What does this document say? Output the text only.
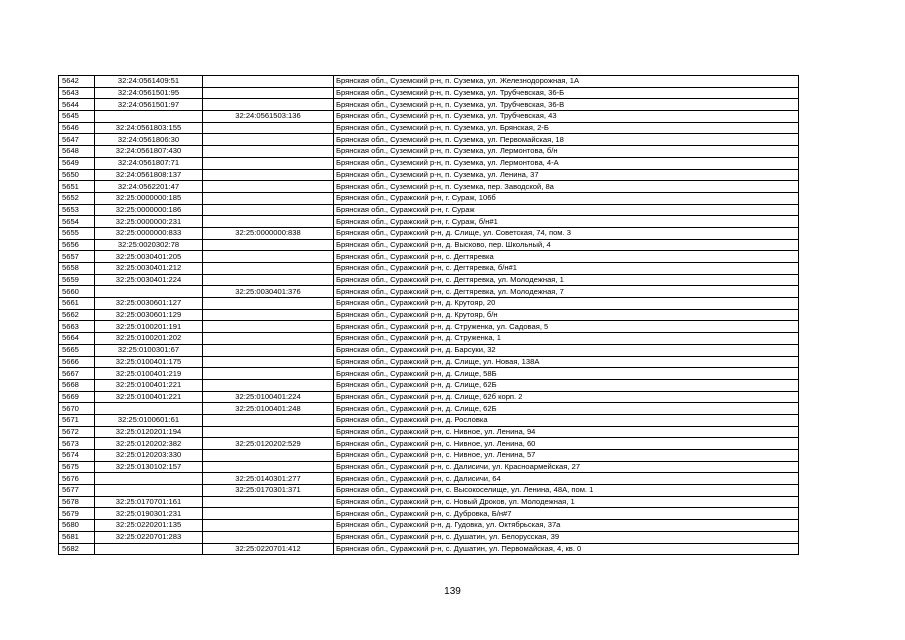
5642	32:24:0561409:51		Брянская обл., Суземский р-н, п. Суземка, ул. Железнодорожная, 1А
5643	32:24:0561501:95		Брянская обл., Суземский р-н, п. Суземка, ул. Трубчевская, 36-Б
5644	32:24:0561501:97		Брянская обл., Суземский р-н, п. Суземка, ул. Трубчевская, 36-В
5645		32:24:0561503:136	Брянская обл., Суземский р-н, п. Суземка, ул. Трубчевская, 43
5646	32:24:0561803:155		Брянская обл., Суземский р-н, п. Суземка, ул. Брянская, 2-Б
5647	32:24:0561806:30		Брянская обл., Суземский р-н, п. Суземка, ул. Первомайская, 18
5648	32:24:0561807:430		Брянская обл., Суземский р-н, п. Суземка, ул. Лермонтова, б/н
5649	32:24:0561807:71		Брянская обл., Суземский р-н, п. Суземка, ул. Лермонтова, 4-А
5650	32:24:0561808:137		Брянская обл., Суземский р-н, п. Суземка, ул. Ленина, 37
5651	32:24:0562201:47		Брянская обл., Суземский р-н, п. Суземка, пер. Заводской, 8а
5652	32:25:0000000:185		Брянская обл., Суражский р-н, г. Сураж, 106б
5653	32:25:0000000:186		Брянская обл., Суражский р-н, г. Сураж
5654	32:25:0000000:231		Брянская обл., Суражский р-н, г. Сураж, б/н#1
5655	32:25:0000000:833	32:25:0000000:838	Брянская обл., Суражский р-н, д. Слище, ул. Советская, 74, пом. 3
5656	32:25:0020302:78		Брянская обл., Суражский р-н, д. Высково, пер. Школьный, 4
5657	32:25:0030401:205		Брянская обл., Суражский р-н, с. Дегтяревка
5658	32:25:0030401:212		Брянская обл., Суражский р-н, с. Дегтяревка, б/н#1
5659	32:25:0030401:224		Брянская обл., Суражский р-н, с. Дегтяревка, ул. Молодежная, 1
5660		32:25:0030401:376	Брянская обл., Суражский р-н, с. Дегтяревка, ул. Молодежная, 7
5661	32:25:0030601:127		Брянская обл., Суражский р-н, д. Крутояр, 20
5662	32:25:0030601:129		Брянская обл., Суражский р-н, д. Крутояр, б/н
5663	32:25:0100201:191		Брянская обл., Суражский р-н, д. Струженка, ул. Садовая, 5
5664	32:25:0100201:202		Брянская обл., Суражский р-н, д. Струженка, 1
5665	32:25:0100301:67		Брянская обл., Суражский р-н, д. Барсуки, 32
5666	32:25:0100401:175		Брянская обл., Суражский р-н, д. Слище, ул. Новая, 138А
5667	32:25:0100401:219		Брянская обл., Суражский р-н, д. Слище, 58Б
5668	32:25:0100401:221		Брянская обл., Суражский р-н, д. Слище, 62Б
5669	32:25:0100401:221	32:25:0100401:224	Брянская обл., Суражский р-н, д. Слище, 62б корп. 2
5670		32:25:0100401:248	Брянская обл., Суражский р-н, д. Слище, 62Б
5671	32:25:0100601:61		Брянская обл., Суражский р-н, д. Рословка
5672	32:25:0120201:194		Брянская обл., Суражский р-н, с. Нивное, ул. Ленина, 94
5673	32:25:0120202:382	32:25:0120202:529	Брянская обл., Суражский р-н, с. Нивное, ул. Ленина, 60
5674	32:25:0120203:330		Брянская обл., Суражский р-н, с. Нивное, ул. Ленина, 57
5675	32:25:0130102:157		Брянская обл., Суражский р-н, с. Далисичи, ул. Красноармейская, 27
5676		32:25:0140301:277	Брянская обл., Суражский р-н, с. Далисичи, 64
5677		32:25:0170301:371	Брянская обл., Суражский р-н, с. Высокоселище, ул. Ленина, 48А, пом. 1
5678	32:25:0170701:161		Брянская обл., Суражский р-н, с. Новый Дроков, ул. Молодежная, 1
5679	32:25:0190301:231		Брянская обл., Суражский р-н, с. Дубровка, Б/н#7
5680	32:25:0220201:135		Брянская обл., Суражский р-н, д. Гудовка, ул. Октябрьская, 37а
5681	32:25:0220701:283		Брянская обл., Суражский р-н, с. Душатин, ул. Белорусская, 39
5682		32:25:0220701:412	Брянская обл., Суражский р-н, с. Душатин, ул. Первомайская, 4, кв. 0
139
